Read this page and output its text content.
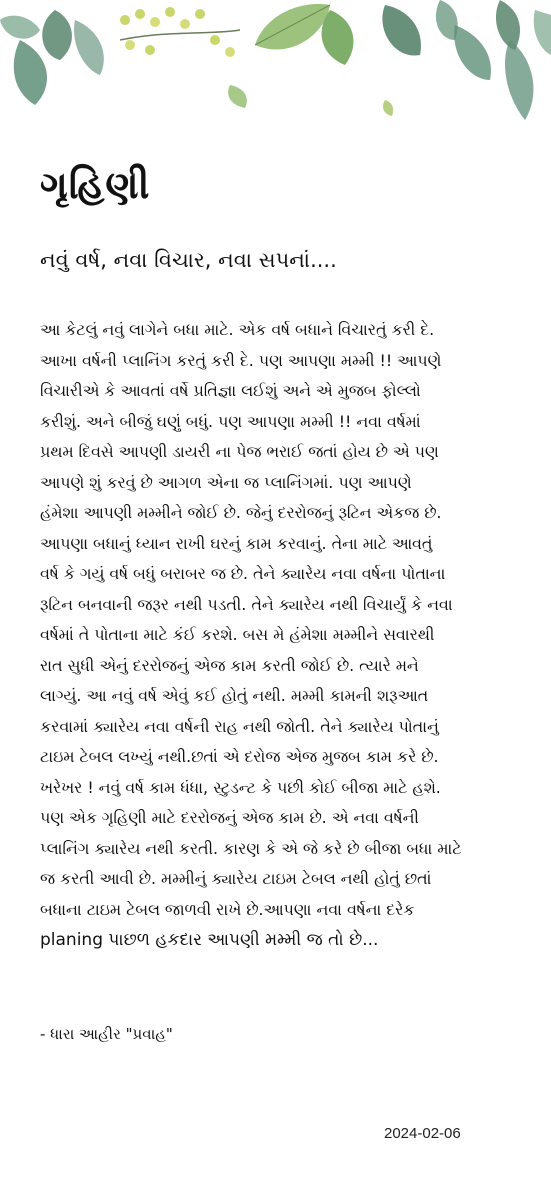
ગૃહિણી
નવું વર્ષ, નવા વિચાર, નવા સપનાં....
આ કેટલું નવું લાગેને બધા માટે. એક વર્ષ બધાને વિચારતું કરી દે.
આખા વર્ષની પ્લાનિંગ કરતું કરી દે. પણ આપણા મમ્મી !! આપણે
વિચારીએ કે આવતાં વર્ષે પ્રતિજ્ઞા લઈશું અને એ મુજબ ફોલ્લો
કરીશું. અને બીજું ઘણું બધું. પણ આપણા મમ્મી !! નવા વર્ષમાં
પ્રથમ દિવસે આપણી ડાયરી ના પેજ ભરાઈ જતાં હોય છે એ પણ
આપણે શું કરવું છે આગળ એના જ પ્લાનિંગમાં. પણ આપણે
હંમેશા આપણી મમ્મીને જોઈ છે. જેનું દરરોજનું રૂટિન એકજ છે.
આપણા બધાનું ધ્યાન રાખી ઘરનું કામ કરવાનું. તેના માટે આવતું
વર્ષ કે ગયું વર્ષ બધું બરાબર જ છે. તેને ક્યારેય નવા વર્ષના પોતાના
રૂટિન બનવાની જરૂર નથી પડતી. તેને ક્યારેય નથી વિચાર્યું કે નવા
વર્ષમાં તે પોતાના માટે કંઈ કરશે. બસ મે હંમેશા મમ્મીને સવારથી
રાત સુધી એનું દરરોજનું એજ કામ કરતી જોઈ છે. ત્યારે મને
લાગ્યું. આ નવું વર્ષ એવું કઈ હોતું નથી. મમ્મી કામની શરૂઆત
કરવામાં ક્યારેય નવા વર્ષની રાહ નથી જોતી. તેને ક્યારેય પોતાનું
ટાઇમ ટેબલ લખ્યું નથી.છતાં એ દરોજ એજ મુજબ કામ કરે છે.
ખરેખર ! નવું વર્ષ કામ ધંધા, સ્ટુડન્ટ કે પછી કોઈ બીજા માટે હશે.
પણ એક ગૃહિણી માટે દરરોજનું એજ કામ છે. એ નવા વર્ષની
પ્લાનિંગ ક્યારેય નથી કરતી. કારણ કે એ જે કરે છે બીજા બધા માટે
જ કરતી આવી છે. મમ્મીનું ક્યારેય ટાઇમ ટેબલ નથી હોતું છતાં
બધાના ટાઇમ ટેબલ જાળવી રાખે છે.આપણા નવા વર્ષના દરેક
planing પાછળ હકદાર આપણી મમ્મી જ તો છે...
- ધારા આહીર "પ્રવાહ"
2024-02-06
